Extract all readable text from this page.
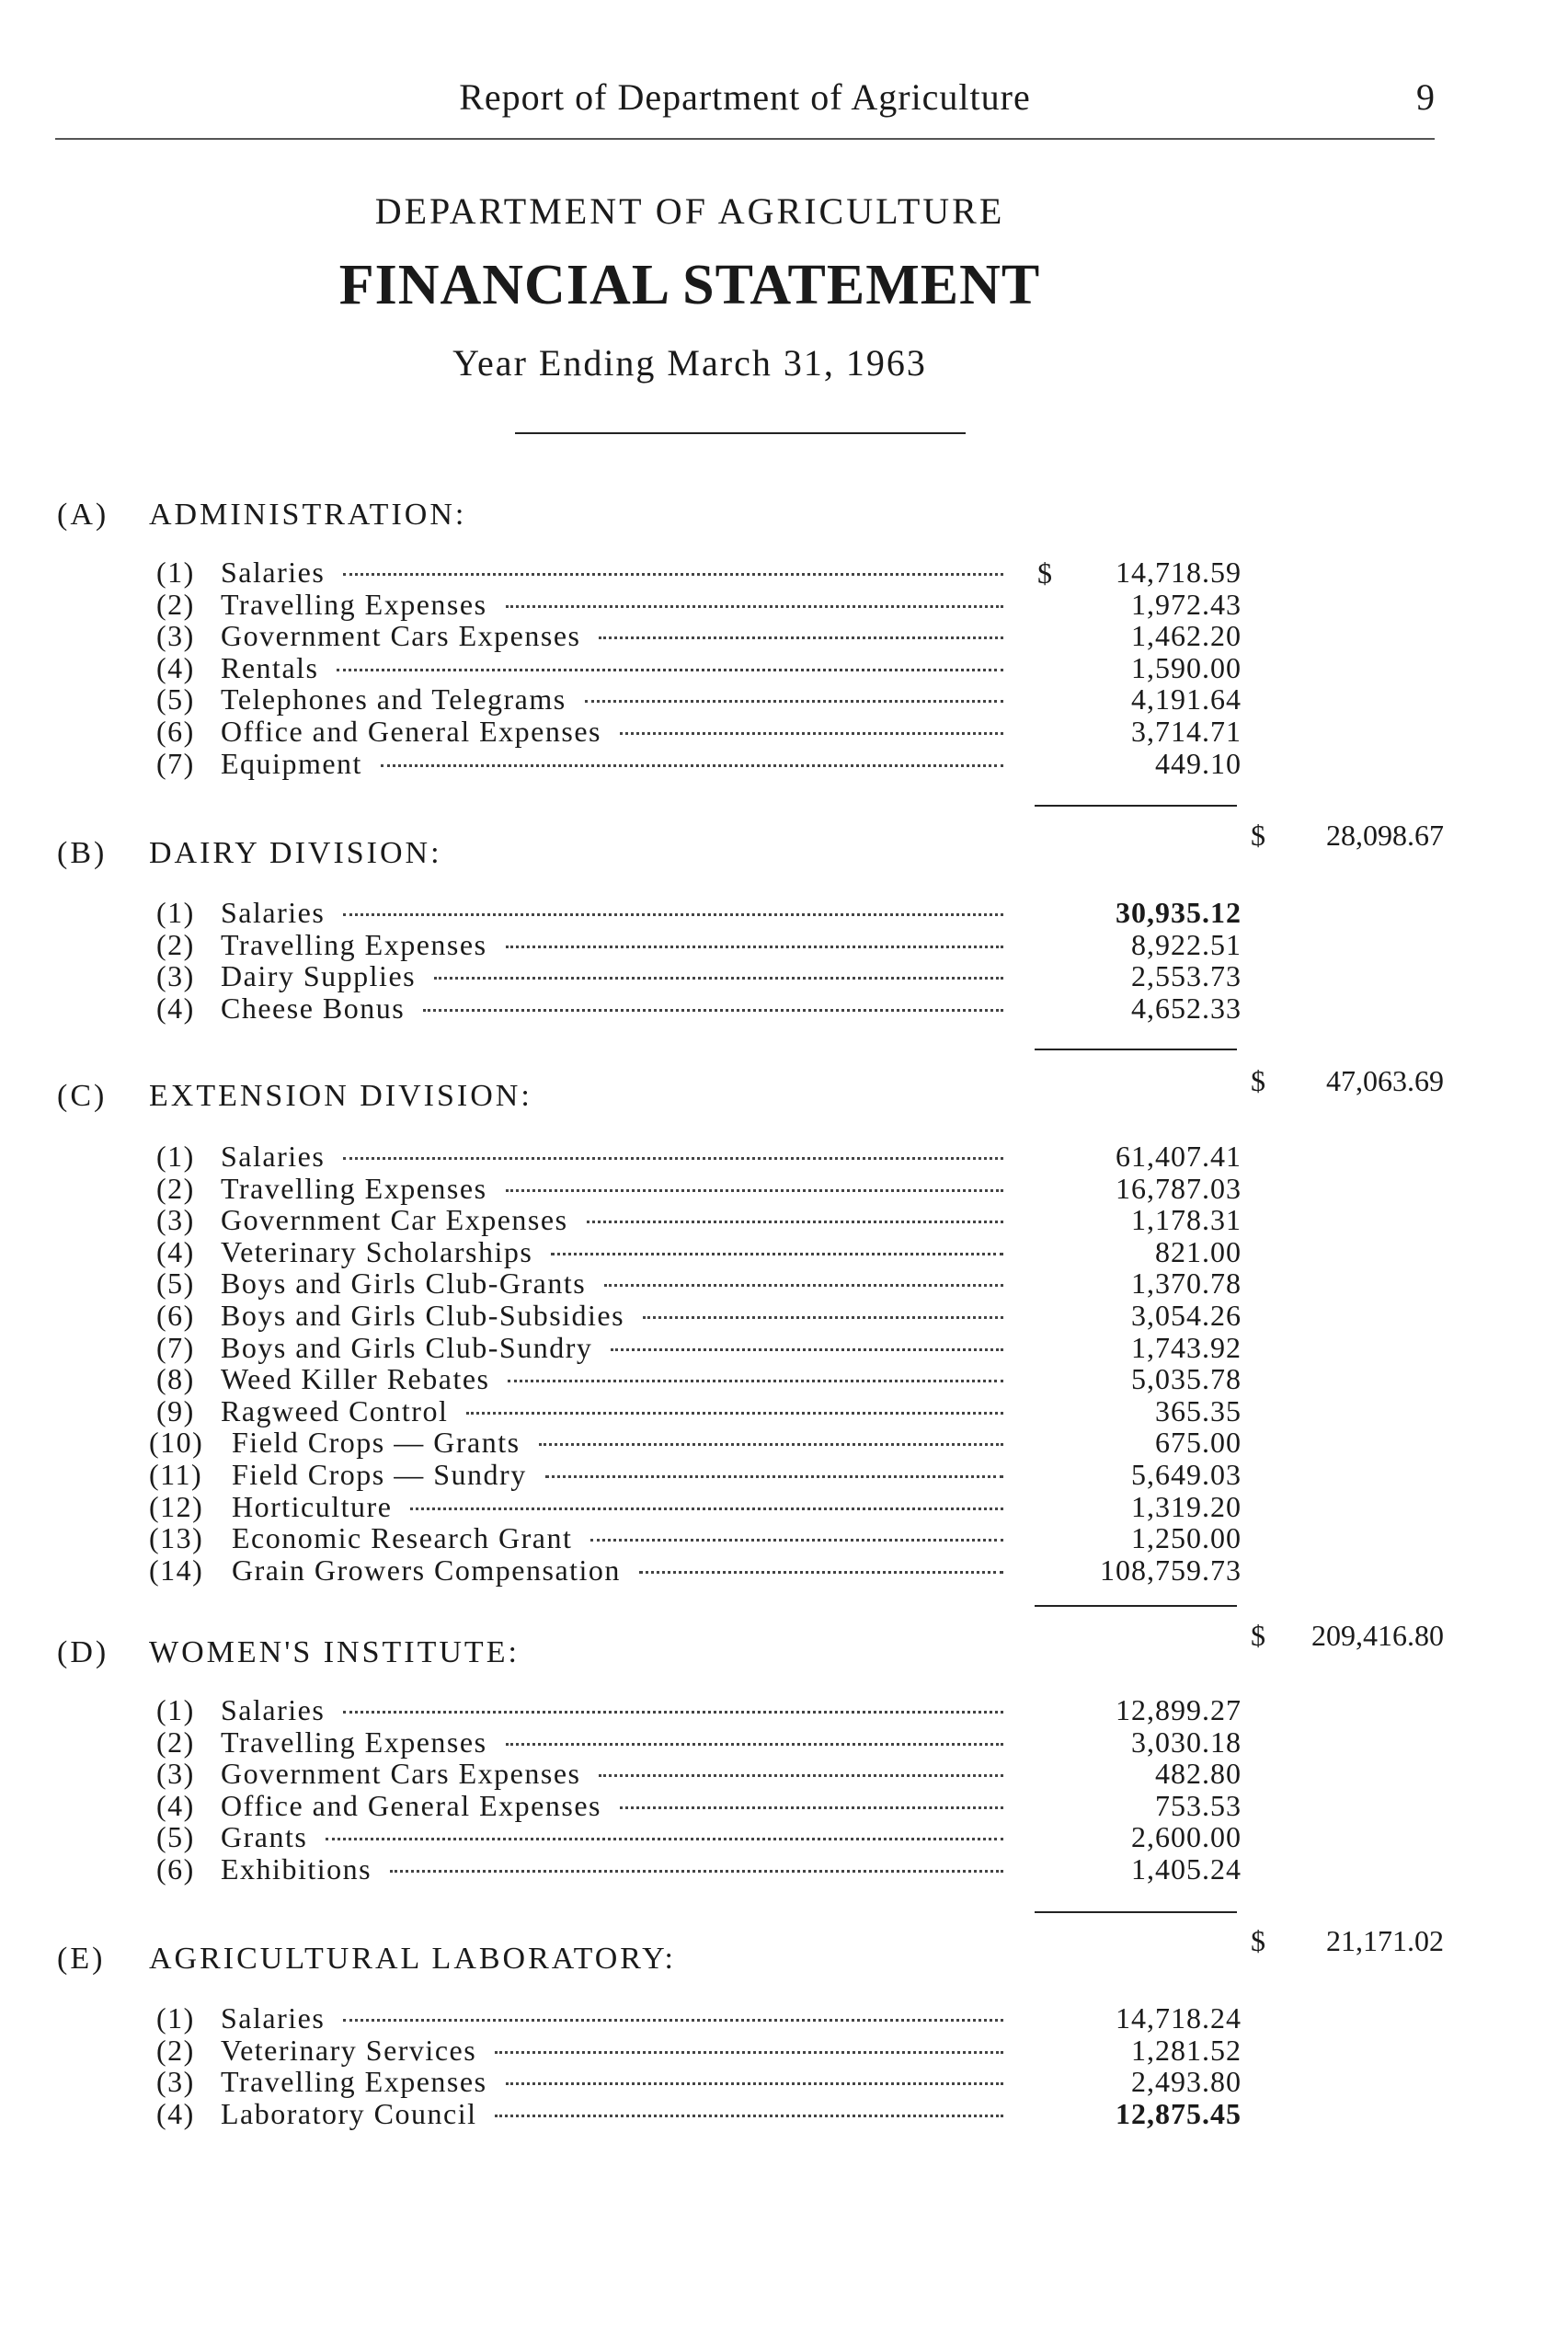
Report of Department of Agriculture	9

DEPARTMENT OF AGRICULTURE

FINANCIAL STATEMENT

Year Ending March 31, 1963

(A) ADMINISTRATION:
(B) DAIRY DIVISION:
(C) EXTENSION DIVISION:
(D) WOMEN'S INSTITUTE:
(E) AGRICULTURAL LABORATORY:
(1) Salaries	$	14,718.59
(2) Travelling Expenses	1,972.43
(3) Government Cars Expenses	1,462.20
(4) Rentals	1,590.00
(5) Telephones and Telegrams	4,191.64
(6) Office and General Expenses	3,714.71
(7) Equipment	449.10
$ 28,098.67
(1) Salaries	30,935.12
(2) Travelling Expenses	8,922.51
(3) Dairy Supplies	2,553.73
(4) Cheese Bonus	4,652.33
$ 47,063.69
(1) Salaries	61,407.41
(2) Travelling Expenses	16,787.03
(3) Government Car Expenses	1,178.31
(4) Veterinary Scholarships	821.00
(5) Boys and Girls Club-Grants	1,370.78
(6) Boys and Girls Club-Subsidies	3,054.26
(7) Boys and Girls Club-Sundry	1,743.92
(8) Weed Killer Rebates	5,035.78
(9) Ragweed Control	365.35
(10) Field Crops — Grants	675.00
(11) Field Crops — Sundry	5,649.03
(12) Horticulture	1,319.20
(13) Economic Research Grant	1,250.00
(14) Grain Growers Compensation	108,759.73
$ 209,416.80
(1) Salaries	12,899.27
(2) Travelling Expenses	3,030.18
(3) Government Cars Expenses	482.80
(4) Office and General Expenses	753.53
(5) Grants	2,600.00
(6) Exhibitions	1,405.24
$ 21,171.02
(1) Salaries	14,718.24
(2) Veterinary Services	1,281.52
(3) Travelling Expenses	2,493.80
(4) Laboratory Council	12,875.45
